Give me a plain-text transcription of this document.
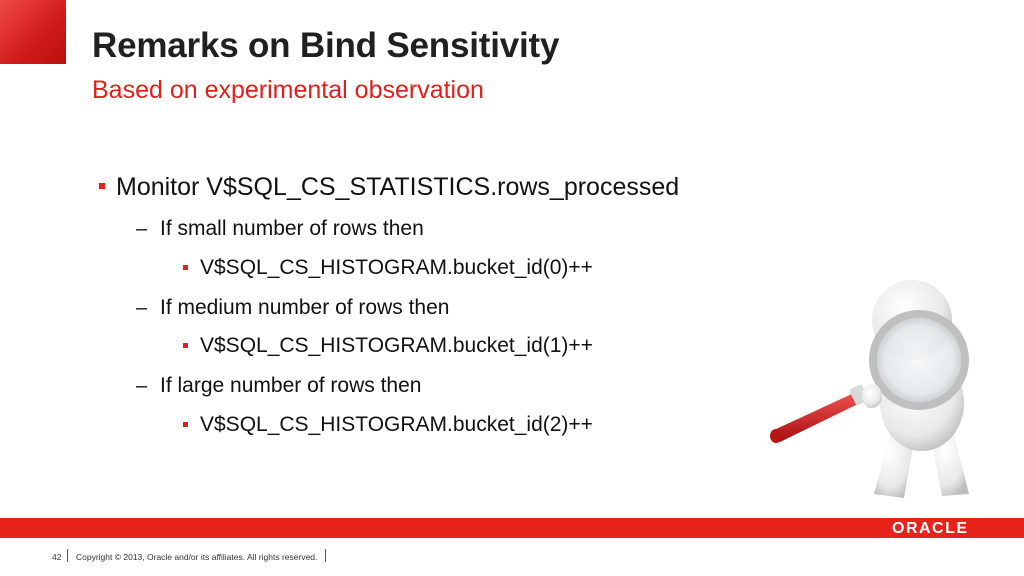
Remarks on Bind Sensitivity
Based on experimental observation
Monitor V$SQL_CS_STATISTICS.rows_processed
– If small number of rows then
V$SQL_CS_HISTOGRAM.bucket_id(0)++
– If medium number of rows then
V$SQL_CS_HISTOGRAM.bucket_id(1)++
– If large number of rows then
V$SQL_CS_HISTOGRAM.bucket_id(2)++
ORACLE
42 Copyright © 2013, Oracle and/or its affiliates. All rights reserved.
